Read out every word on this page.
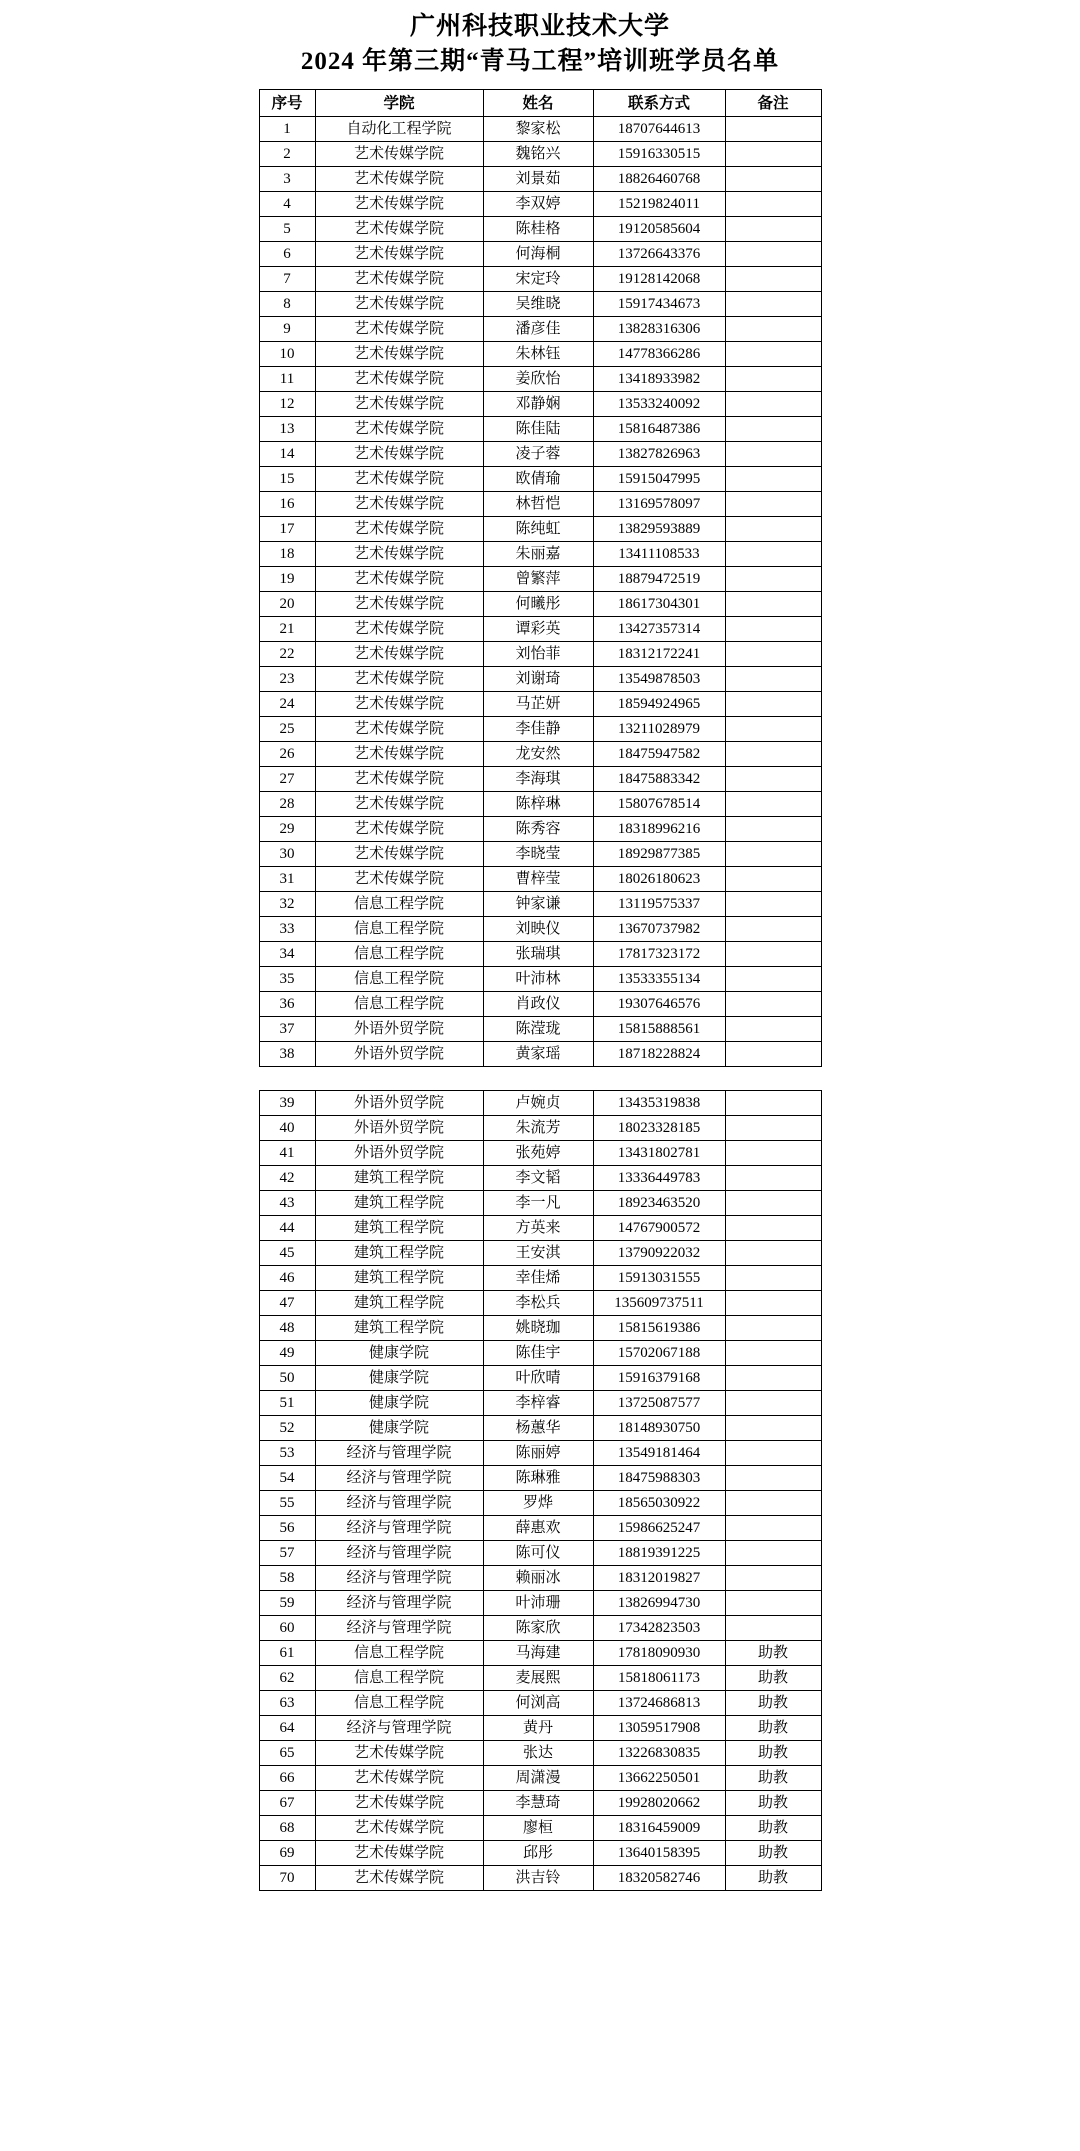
广州科技职业技术大学
2024 年第三期“青马工程”培训班学员名单
序号	学院	姓名	联系方式	备注
1	自动化工程学院	黎家松	18707644613	
2	艺术传媒学院	魏铭兴	15916330515	
3	艺术传媒学院	刘景茹	18826460768	
4	艺术传媒学院	李双婷	15219824011	
5	艺术传媒学院	陈桂格	19120585604	
6	艺术传媒学院	何海桐	13726643376	
7	艺术传媒学院	宋定玲	19128142068	
8	艺术传媒学院	吴维晓	15917434673	
9	艺术传媒学院	潘彦佳	13828316306	
10	艺术传媒学院	朱林钰	14778366286	
11	艺术传媒学院	姜欣怡	13418933982	
12	艺术传媒学院	邓静娴	13533240092	
13	艺术传媒学院	陈佳陆	15816487386	
14	艺术传媒学院	凌子蓉	13827826963	
15	艺术传媒学院	欧倩瑜	15915047995	
16	艺术传媒学院	林哲恺	13169578097	
17	艺术传媒学院	陈纯虹	13829593889	
18	艺术传媒学院	朱丽嘉	13411108533	
19	艺术传媒学院	曾繁萍	18879472519	
20	艺术传媒学院	何曦彤	18617304301	
21	艺术传媒学院	谭彩英	13427357314	
22	艺术传媒学院	刘怡菲	18312172241	
23	艺术传媒学院	刘谢琦	13549878503	
24	艺术传媒学院	马芷妍	18594924965	
25	艺术传媒学院	李佳静	13211028979	
26	艺术传媒学院	龙安然	18475947582	
27	艺术传媒学院	李海琪	18475883342	
28	艺术传媒学院	陈梓琳	15807678514	
29	艺术传媒学院	陈秀容	18318996216	
30	艺术传媒学院	李晓莹	18929877385	
31	艺术传媒学院	曹梓莹	18026180623	
32	信息工程学院	钟家谦	13119575337	
33	信息工程学院	刘映仪	13670737982	
34	信息工程学院	张瑞琪	17817323172	
35	信息工程学院	叶沛林	13533355134	
36	信息工程学院	肖政仪	19307646576	
37	外语外贸学院	陈滢珑	15815888561	
38	外语外贸学院	黄家瑶	18718228824	
39	外语外贸学院	卢婉贞	13435319838	
40	外语外贸学院	朱流芳	18023328185	
41	外语外贸学院	张苑婷	13431802781	
42	建筑工程学院	李文韬	13336449783	
43	建筑工程学院	李一凡	18923463520	
44	建筑工程学院	方英来	14767900572	
45	建筑工程学院	王安淇	13790922032	
46	建筑工程学院	幸佳烯	15913031555	
47	建筑工程学院	李松兵	135609737511	
48	建筑工程学院	姚晓珈	15815619386	
49	健康学院	陈佳宇	15702067188	
50	健康学院	叶欣晴	15916379168	
51	健康学院	李梓睿	13725087577	
52	健康学院	杨蕙华	18148930750	
53	经济与管理学院	陈丽婷	13549181464	
54	经济与管理学院	陈琳雅	18475988303	
55	经济与管理学院	罗烨	18565030922	
56	经济与管理学院	薛惠欢	15986625247	
57	经济与管理学院	陈可仪	18819391225	
58	经济与管理学院	赖丽冰	18312019827	
59	经济与管理学院	叶沛珊	13826994730	
60	经济与管理学院	陈家欣	17342823503	
61	信息工程学院	马海建	17818090930	助教
62	信息工程学院	麦展熙	15818061173	助教
63	信息工程学院	何浏高	13724686813	助教
64	经济与管理学院	黄丹	13059517908	助教
65	艺术传媒学院	张达	13226830835	助教
66	艺术传媒学院	周潇漫	13662250501	助教
67	艺术传媒学院	李慧琦	19928020662	助教
68	艺术传媒学院	廖桓	18316459009	助教
69	艺术传媒学院	邱彤	13640158395	助教
70	艺术传媒学院	洪吉铃	18320582746	助教
